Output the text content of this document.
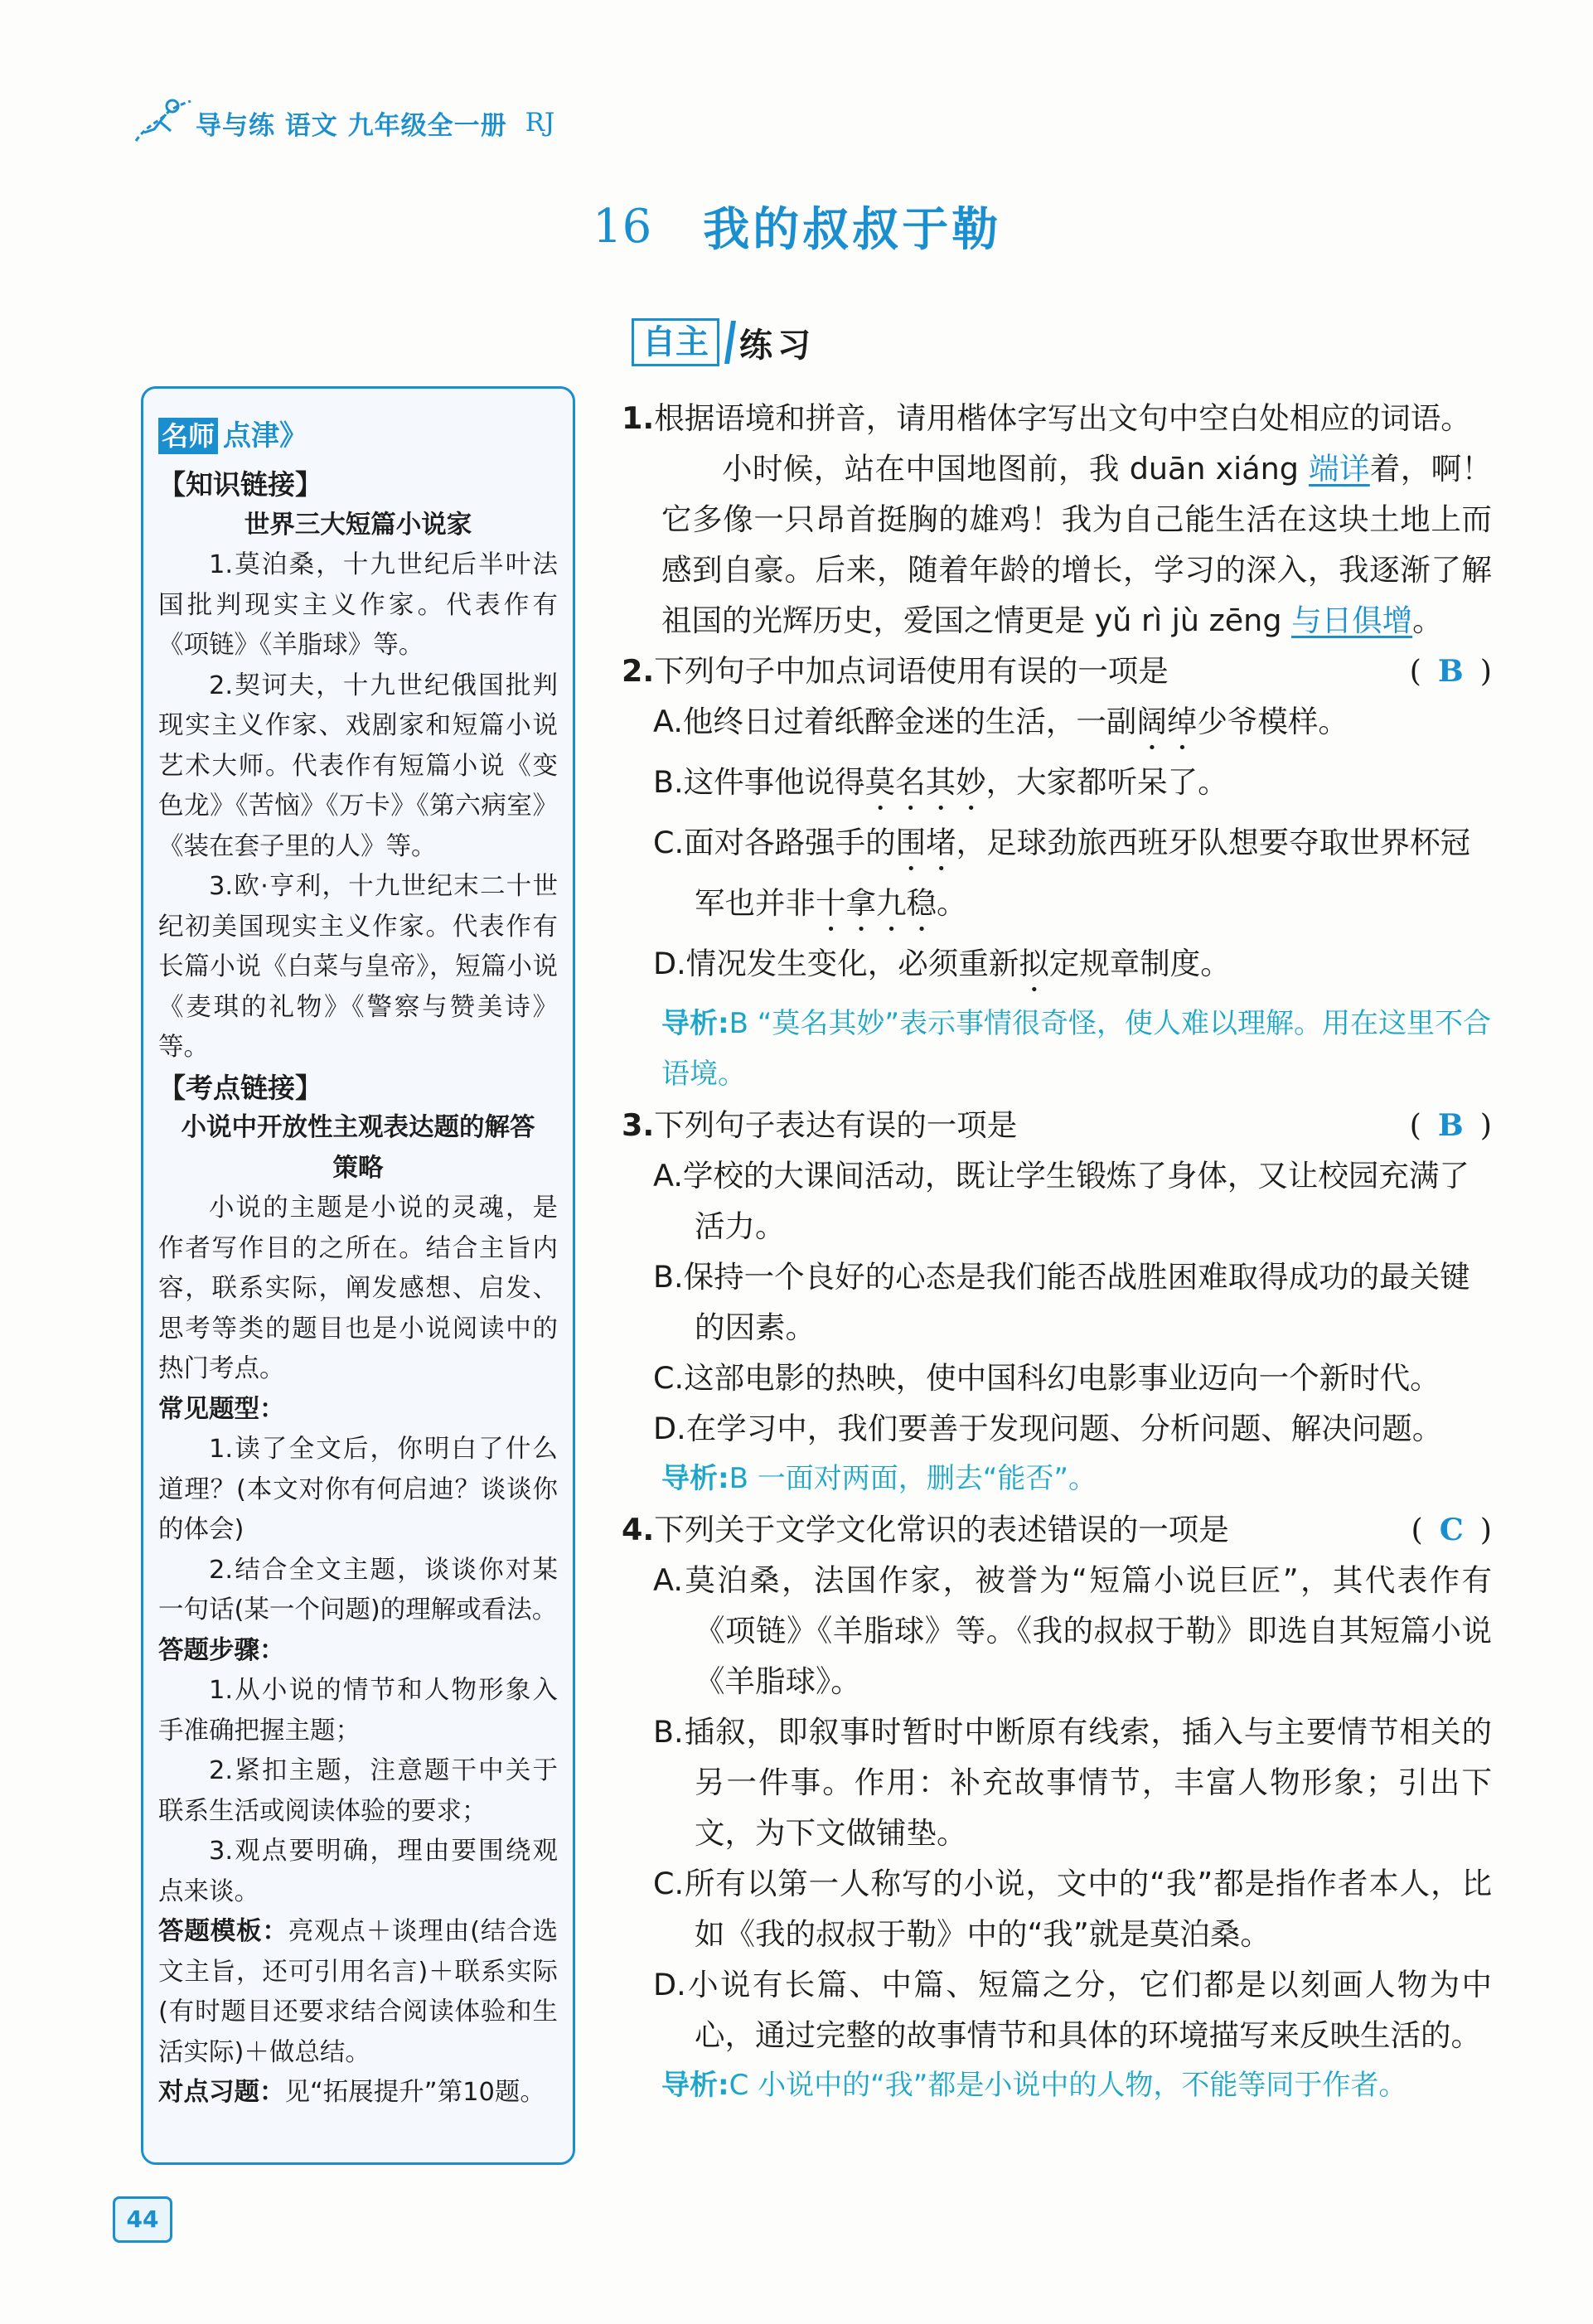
导与练 语文 九年级全一册 RJ
16 我的叔叔于勒
自主 练习
名师 点津》
【知识链接】
世界三大短篇小说家

1.莫泊桑，十九世纪后半叶法国批判现实主义作家。代表作有《项链》《羊脂球》等。

2.契诃夫，十九世纪俄国批判现实主义作家、戏剧家和短篇小说艺术大师。代表作有短篇小说《变色龙》《苦恼》《万卡》《第六病室》《装在套子里的人》等。

3.欧·亨利，十九世纪末二十世纪初美国现实主义作家。代表作有长篇小说《白菜与皇帝》，短篇小说《麦琪的礼物》《警察与赞美诗》等。

【考点链接】
小说中开放性主观表达题的解答策略

小说的主题是小说的灵魂，是作者写作目的之所在。结合主旨内容，联系实际，阐发感想、启发、思考等类的题目也是小说阅读中的热门考点。

常见题型：

1.读了全文后，你明白了什么道理？(本文对你有何启迪？谈谈你的体会)

2.结合全文主题，谈谈你对某一句话(某一个问题)的理解或看法。

答题步骤：

1.从小说的情节和人物形象入手准确把握主题；

2.紧扣主题，注意题干中关于联系生活或阅读体验的要求；

3.观点要明确，理由要围绕观点来谈。

答题模板：亮观点＋谈理由(结合选文主旨，还可引用名言)＋联系实际(有时题目还要求结合阅读体验和生活实际)＋做总结。
对点习题：见“拓展提升”第10题。
1.根据语境和拼音，请用楷体字写出文句中空白处相应的词语。
小时候，站在中国地图前，我 duān xiáng 端详着，啊！它多像一只昂首挺胸的雄鸡！我为自己能生活在这块土地上而感到自豪。后来，随着年龄的增长，学习的深入，我逐渐了解祖国的光辉历史，爱国之情更是 yǔ rì jù zēng 与日俱增。
2.下列句子中加点词语使用有误的一项是	( B )
A.他终日过着纸醉金迷的生活，一副阔绰少爷模样。
B.这件事他说得莫名其妙，大家都听呆了。
C.面对各路强手的围堵，足球劲旅西班牙队想要夺取世界杯冠军也并非十拿九稳。
D.情况发生变化，必须重新拟定规章制度。
导析:B “莫名其妙”表示事情很奇怪，使人难以理解。用在这里不合语境。
3.下列句子表达有误的一项是	( B )
A.学校的大课间活动，既让学生锻炼了身体，又让校园充满了活力。
B.保持一个良好的心态是我们能否战胜困难取得成功的最关键的因素。
C.这部电影的热映，使中国科幻电影事业迈向一个新时代。
D.在学习中，我们要善于发现问题、分析问题、解决问题。
导析:B 一面对两面，删去“能否”。
4.下列关于文学文化常识的表述错误的一项是	( C )
A.莫泊桑，法国作家，被誉为“短篇小说巨匠”，其代表作有《项链》《羊脂球》等。《我的叔叔于勒》即选自其短篇小说《羊脂球》。
B.插叙，即叙事时暂时中断原有线索，插入与主要情节相关的另一件事。作用：补充故事情节，丰富人物形象；引出下文，为下文做铺垫。
C.所有以第一人称写的小说，文中的“我”都是指作者本人，比如《我的叔叔于勒》中的“我”就是莫泊桑。
D.小说有长篇、中篇、短篇之分，它们都是以刻画人物为中心，通过完整的故事情节和具体的环境描写来反映生活的。
导析:C 小说中的“我”都是小说中的人物，不能等同于作者。
44
